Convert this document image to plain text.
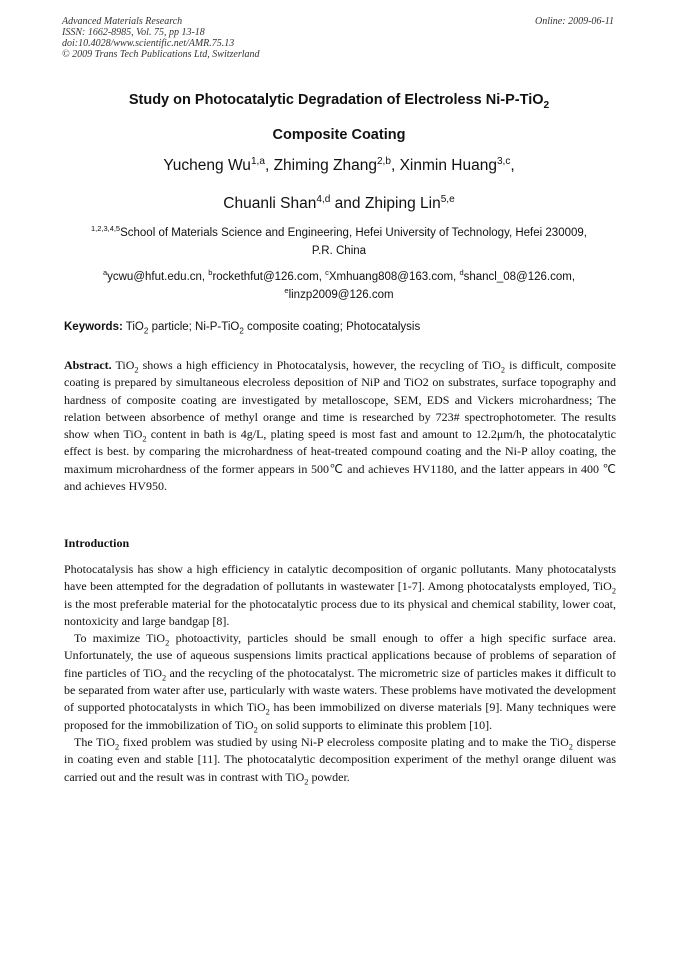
Advanced Materials Research
ISSN: 1662-8985, Vol. 75, pp 13-18
doi:10.4028/www.scientific.net/AMR.75.13
© 2009 Trans Tech Publications Ltd, Switzerland
Online: 2009-06-11
Study on Photocatalytic Degradation of Electroless Ni-P-TiO$_2$
Composite Coating
Yucheng Wu$^{1,a}$, Zhiming Zhang$^{2,b}$, Xinmin Huang$^{3,c}$,
Chuanli Shan$^{4,d}$ and Zhiping Lin$^{5,e}$
$^{1,2,3,4,5}$School of Materials Science and Engineering, Hefei University of Technology, Hefei 230009,
P.R. China
$^a$ycwu@hfut.edu.cn, $^b$rockethfut@126.com, $^c$Xmhuang808@163.com, $^d$shancl_08@126.com,
$^e$linzp2009@126.com
Keywords: TiO$_2$ particle; Ni-P-TiO$_2$ composite coating; Photocatalysis
Abstract. TiO$_2$ shows a high efficiency in Photocatalysis, however, the recycling of TiO$_2$ is difficult, composite coating is prepared by simultaneous elecroless deposition of NiP and TiO2 on substrates, surface topography and hardness of composite coating are investigated by metalloscope, SEM, EDS and Vickers microhardness; The relation between absorbence of methyl orange and time is researched by 723# spectrophotometer. The results show when TiO$_2$ content in bath is 4g/L, plating speed is most fast and amount to 12.2μm/h, the photocatalytic effect is best. by comparing the microhardness of heat-treated compound coating and the Ni-P alloy coating, the maximum microhardness of the former appears in 500℃ and achieves HV1180, and the latter appears in 400 ℃ and achieves HV950.
Introduction

Photocatalysis has show a high efficiency in catalytic decomposition of organic pollutants. Many photocatalysts have been attempted for the degradation of pollutants in wastewater [1-7]. Among photocatalysts employed, TiO$_2$ is the most preferable material for the photocatalytic process due to its physical and chemical stability, lower coat, nontoxicity and large bandgap [8].

To maximize TiO$_2$ photoactivity, particles should be small enough to offer a high specific surface area. Unfortunately, the use of aqueous suspensions limits practical applications because of problems of separation of fine particles of TiO$_2$ and the recycling of the photocatalyst. The micrometric size of particles makes it difficult to be separated from water after use, particularly with waste waters. These problems have motivated the development of supported photocatalysts in which TiO$_2$ has been immobilized on diverse materials [9]. Many techniques were proposed for the immobilization of TiO$_2$ on solid supports to eliminate this problem [10].

The TiO$_2$ fixed problem was studied by using Ni-P elecroless composite plating and to make the TiO$_2$ disperse in coating even and stable [11]. The photocatalytic decomposition experiment of the methyl orange diluent was carried out and the result was in contrast with TiO$_2$ powder.
